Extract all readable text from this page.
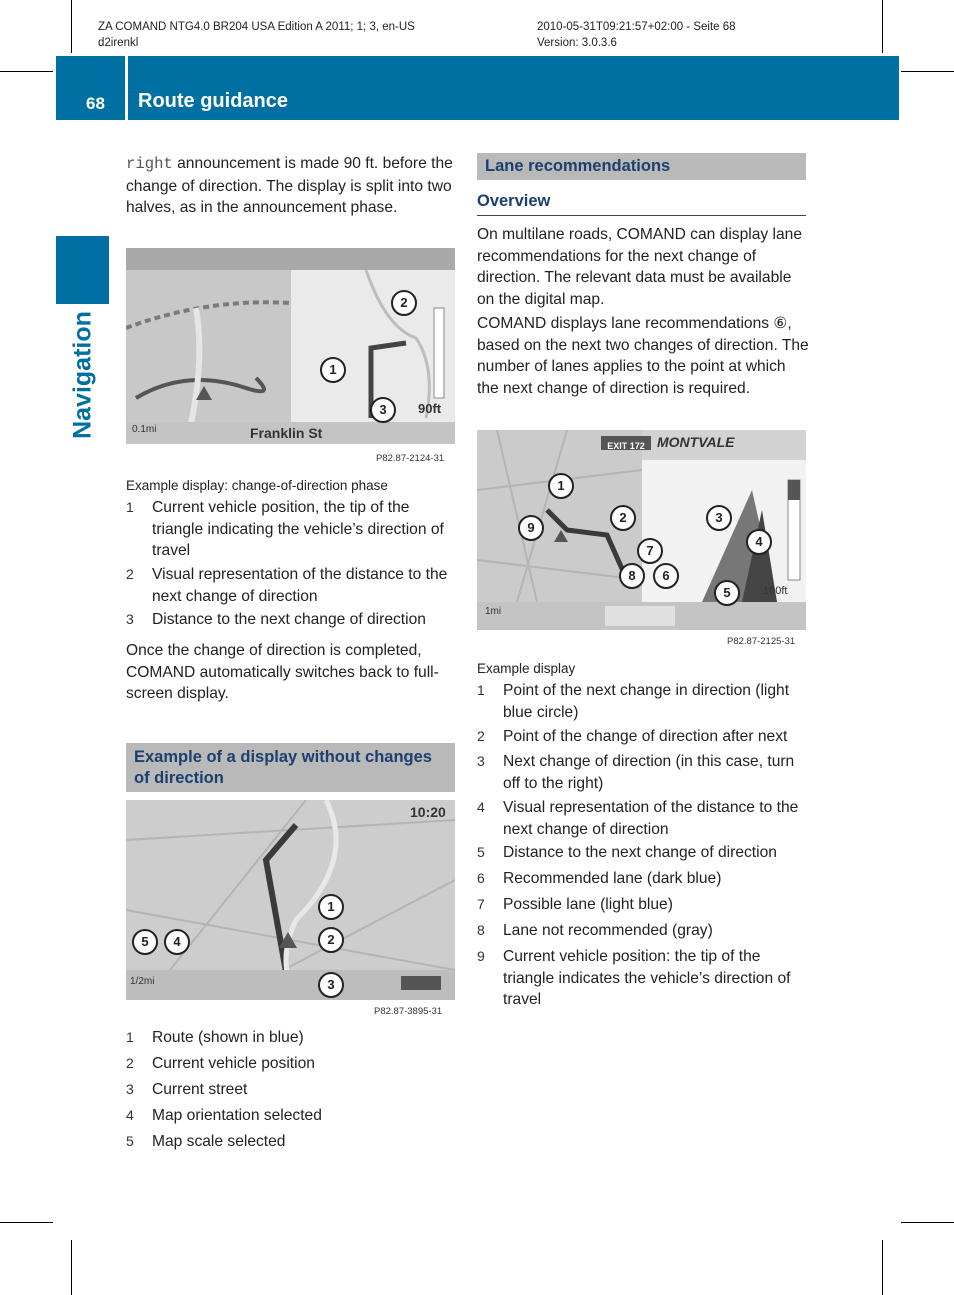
ZA COMAND NTG4.0 BR204 USA Edition A 2011; 1; 3, en-US
d2irenkl
2010-05-31T09:21:57+02:00 - Seite 68
Version: 3.0.3.6
68 Route guidance
Navigation

right announcement is made 90 ft. before the change of direction. The display is split into two halves, as in the announcement phase.

2
1
3	90ft
0.1mi	Franklin St
P82.87-2124-31
Example display: change-of-direction phase
1	Current vehicle position, the tip of the triangle indicating the vehicle’s direction of travel
2	Visual representation of the distance to the next change of direction
3	Distance to the next change of direction

Once the change of direction is completed, COMAND automatically switches back to full-screen display.

Example of a display without changes of direction
10:20
1
2
5	4
3
1/2mi
P82.87-3895-31
1	Route (shown in blue)
2	Current vehicle position
3	Current street
4	Map orientation selected
5	Map scale selected
Lane recommendations
Overview

On multilane roads, COMAND can display lane recommendations for the next change of direction. The relevant data must be available on the digital map.

COMAND displays lane recommendations ⑥, based on the next two changes of direction. The number of lanes applies to the point at which the next change of direction is required.

EXIT 172 MONTVALE
1
9
2	3
4
7
8	6
5	100ft
1mi
P82.87-2125-31
Example display
1	Point of the next change in direction (light blue circle)
2	Point of the change of direction after next
3	Next change of direction (in this case, turn off to the right)
4	Visual representation of the distance to the next change of direction
5	Distance to the next change of direction
6	Recommended lane (dark blue)
7	Possible lane (light blue)
8	Lane not recommended (gray)
9	Current vehicle position: the tip of the triangle indicates the vehicle’s direction of travel
